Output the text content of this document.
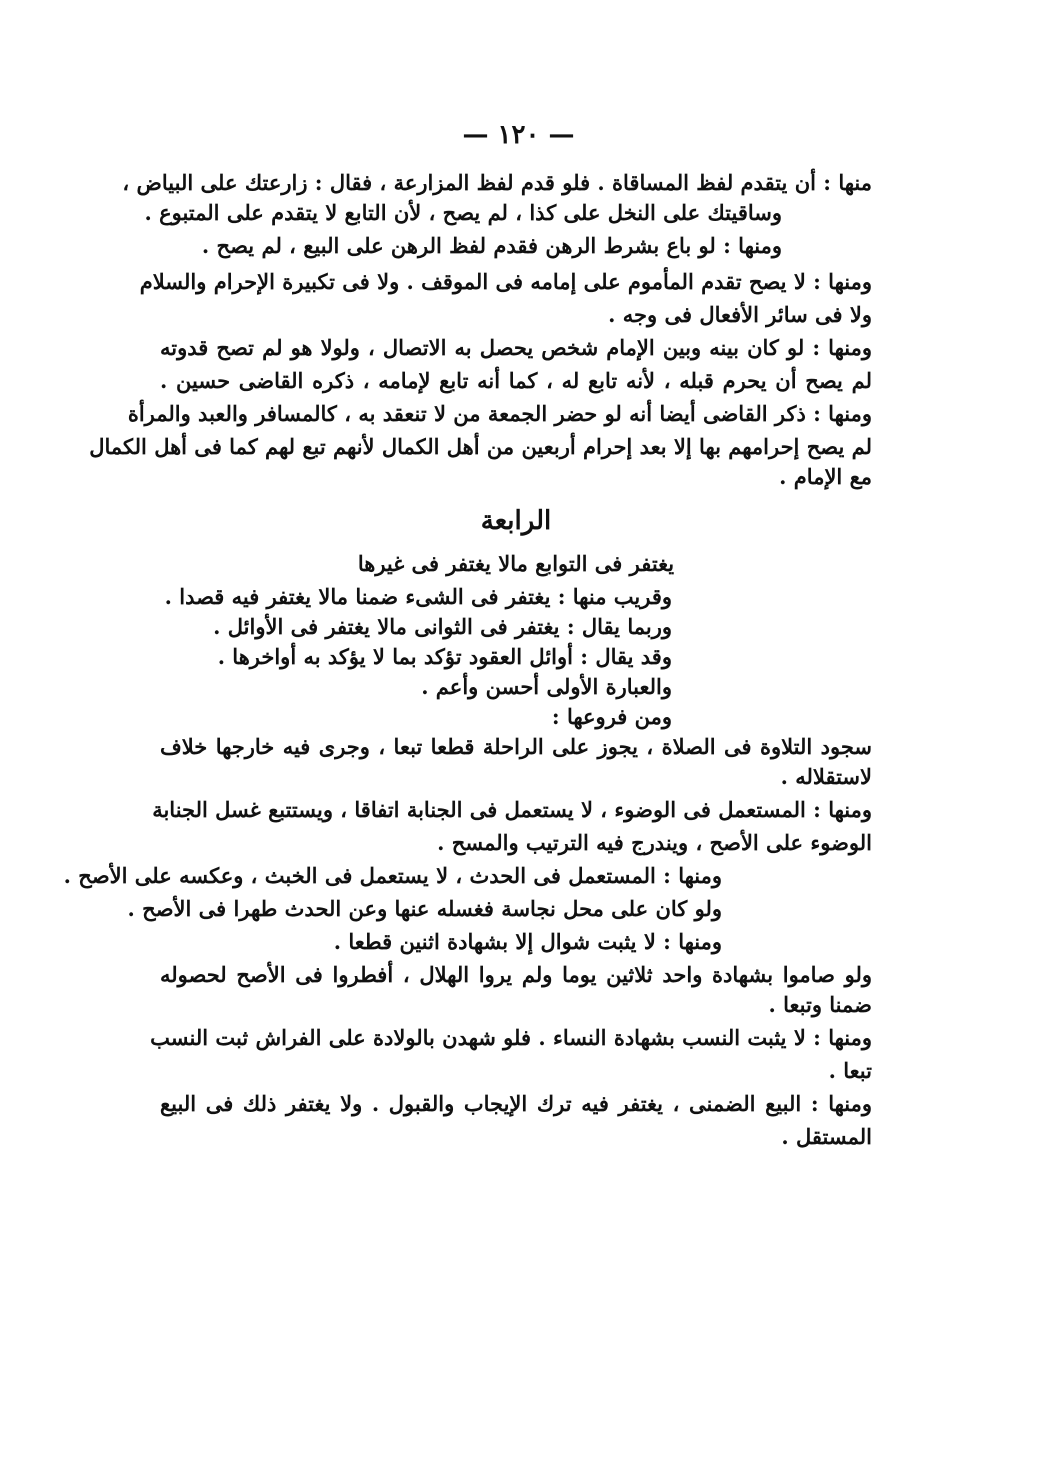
— ١٢٠ —
منها : أن يتقدم لفظ المساقاة . فلو قدم لفظ المزارعة ، فقال : زارعتك على البياض ،
وساقيتك على النخل على كذا ، لم يصح ، لأن التابع لا يتقدم على المتبوع .
ومنها : لو باع بشرط الرهن فقدم لفظ الرهن على البيع ، لم يصح .
ومنها : لا يصح تقدم المأموم على إمامه فى الموقف . ولا فى تكبيرة الإحرام والسلام
ولا فى سائر الأفعال فى وجه .
ومنها : لو كان بينه وبين الإمام شخص يحصل به الاتصال ، ولولا هو لم تصح قدوته
لم يصح أن يحرم قبله ، لأنه تابع له ، كما أنه تابع لإمامه ، ذكره القاضى حسين .
ومنها : ذكر القاضى أيضا أنه لو حضر الجمعة من لا تنعقد به ، كالمسافر والعبد والمرأة
لم يصح إحرامهم بها إلا بعد إحرام أربعين من أهل الكمال لأنهم تبع لهم كما فى أهل الكمال
مع الإمام .
الرابعة
يغتفر فى التوابع مالا يغتفر فى غيرها
وقريب منها : يغتفر فى الشىء ضمنا مالا يغتفر فيه قصدا .
وربما يقال : يغتفر فى الثوانى مالا يغتفر فى الأوائل .
وقد يقال : أوائل العقود تؤكد بما لا يؤكد به أواخرها .
والعبارة الأولى أحسن وأعم .
ومن فروعها :
سجود التلاوة فى الصلاة ، يجوز على الراحلة قطعا تبعا ، وجرى فيه خارجها خلاف
لاستقلاله .
ومنها : المستعمل فى الوضوء ، لا يستعمل فى الجنابة اتفاقا ، ويستتبع غسل الجنابة
الوضوء على الأصح ، ويندرج فيه الترتيب والمسح .
ومنها : المستعمل فى الحدث ، لا يستعمل فى الخبث ، وعكسه على الأصح .
ولو كان على محل نجاسة فغسله عنها وعن الحدث طهرا فى الأصح .
ومنها : لا يثبت شوال إلا بشهادة اثنين قطعا .
ولو صاموا بشهادة واحد ثلاثين يوما ولم يروا الهلال ، أفطروا فى الأصح لحصوله
ضمنا وتبعا .
ومنها : لا يثبت النسب بشهادة النساء . فلو شهدن بالولادة على الفراش ثبت النسب
تبعا .
ومنها : البيع الضمنى ، يغتفر فيه ترك الإيجاب والقبول . ولا يغتفر ذلك فى البيع
المستقل .
